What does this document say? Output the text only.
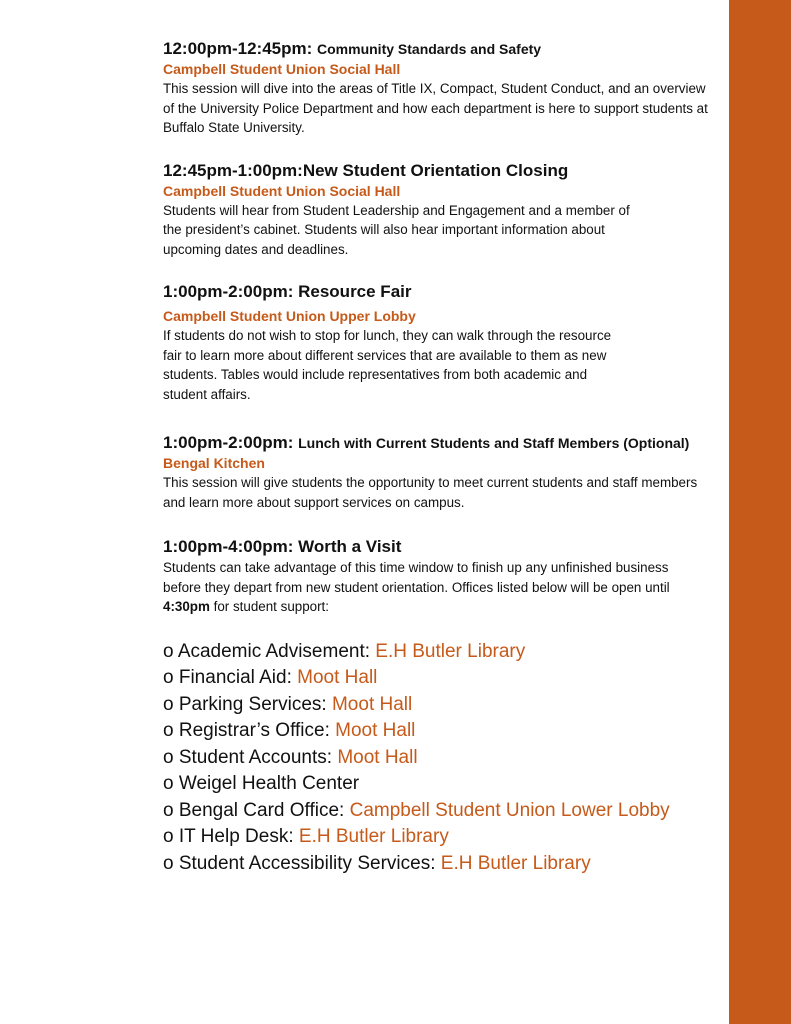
12:00pm-12:45pm: Community Standards and Safety

Campbell Student Union Social Hall

This session will dive into the areas of Title IX, Compact, Student Conduct, and an overview of the University Police Department and how each department is here to support students at Buffalo State University.

12:45pm-1:00pm:New Student Orientation Closing

Campbell Student Union Social Hall

Students will hear from Student Leadership and Engagement and a member of the president’s cabinet. Students will also hear important information about upcoming dates and deadlines.

1:00pm-2:00pm: Resource Fair

Campbell Student Union Upper Lobby

If students do not wish to stop for lunch, they can walk through the resource fair to learn more about different services that are available to them as new students. Tables would include representatives from both academic and student affairs.

1:00pm-2:00pm: Lunch with Current Students and Staff Members (Optional)

Bengal Kitchen

This session will give students the opportunity to meet current students and staff members and learn more about support services on campus.

1:00pm-4:00pm: Worth a Visit

Students can take advantage of this time window to finish up any unfinished business before they depart from new student orientation. Offices listed below will be open until 4:30pm for student support:

o Academic Advisement: E.H Butler Library
o Financial Aid: Moot Hall
o Parking Services: Moot Hall
o Registrar’s Office: Moot Hall
o Student Accounts: Moot Hall
o Weigel Health Center
o Bengal Card Office: Campbell Student Union Lower Lobby
o IT Help Desk: E.H Butler Library
o Student Accessibility Services: E.H Butler Library
